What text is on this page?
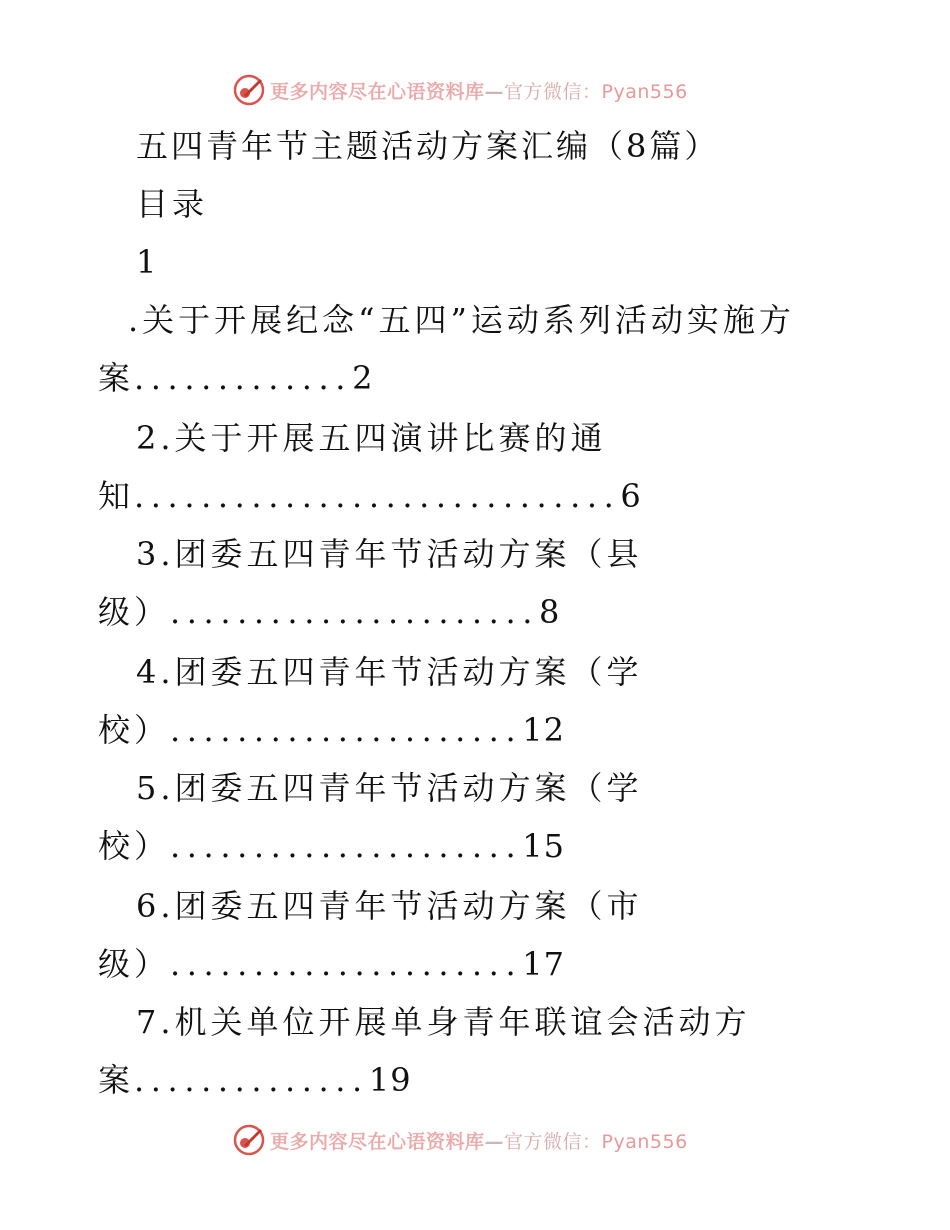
更多内容尽在心语资料库—官方微信：Pyan556
五四青年节主题活动方案汇编（8篇）
目录
1
.关于开展纪念“五四”运动系列活动实施方
案.............2
2.关于开展五四演讲比赛的通
知.............................6
3.团委五四青年节活动方案（县
级）......................8
4.团委五四青年节活动方案（学
校）.....................12
5.团委五四青年节活动方案（学
校）.....................15
6.团委五四青年节活动方案（市
级）.....................17
7.机关单位开展单身青年联谊会活动方
案..............19
更多内容尽在心语资料库—官方微信：Pyan556
